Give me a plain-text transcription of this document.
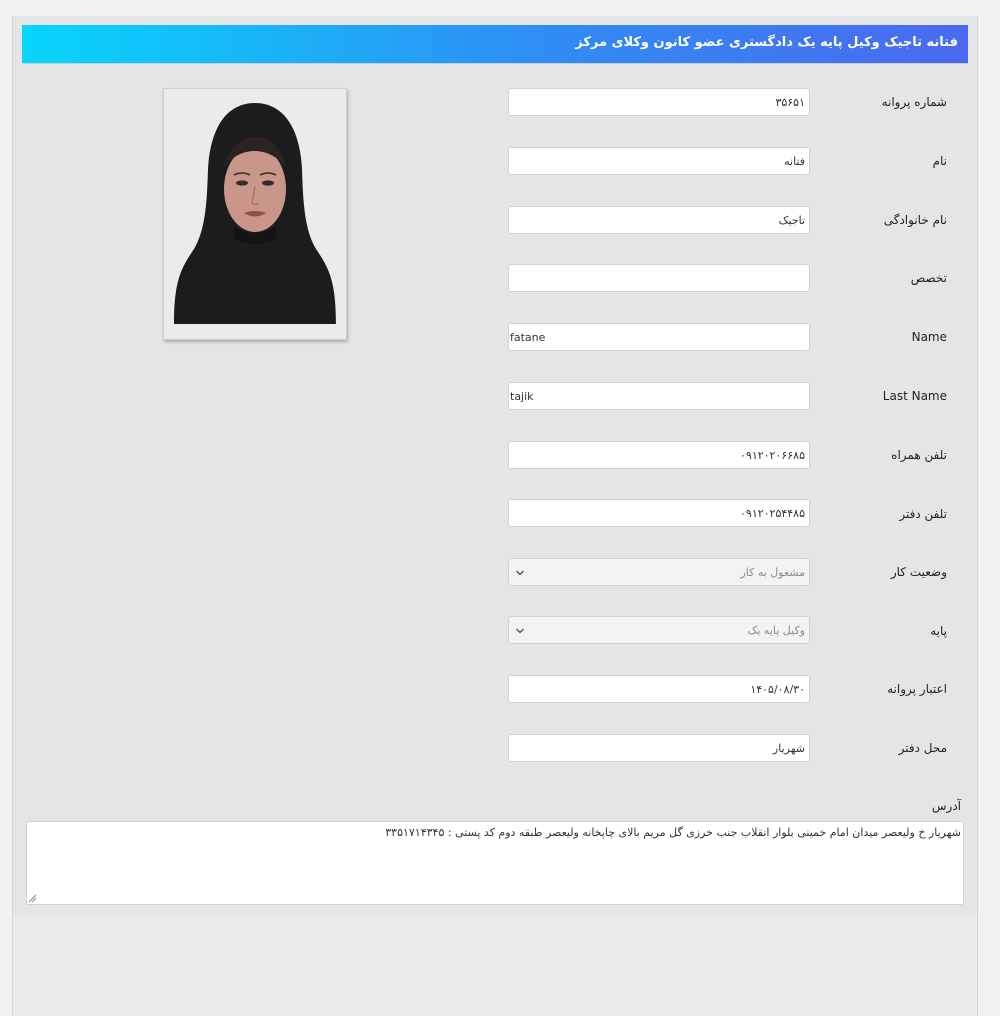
فتانه تاجیک وکیل پایه یک دادگستری عضو کانون وکلای مرکز
شماره پروانه
۳۵۶۵۱
نام
فتانه
نام خانوادگی
تاجیک
تخصص
Name
fatane
Last Name
tajik
تلفن همراه
۰۹۱۲۰۲۰۶۶۸۵
تلفن دفتر
۰۹۱۲۰۲۵۴۴۸۵
وضعیت کار
مشغول به کار
پایه
وکیل پایه یک
اعتبار پروانه
۱۴۰۵/۰۸/۳۰
محل دفتر
شهریار
آدرس
شهریار خ ولیعصر میدان امام خمینی بلوار انقلاب جنب خرزی گل مریم بالای چاپخانه ولیعصر طبقه دوم کد پستی : ۳۳۵۱۷۱۴۳۴۵
